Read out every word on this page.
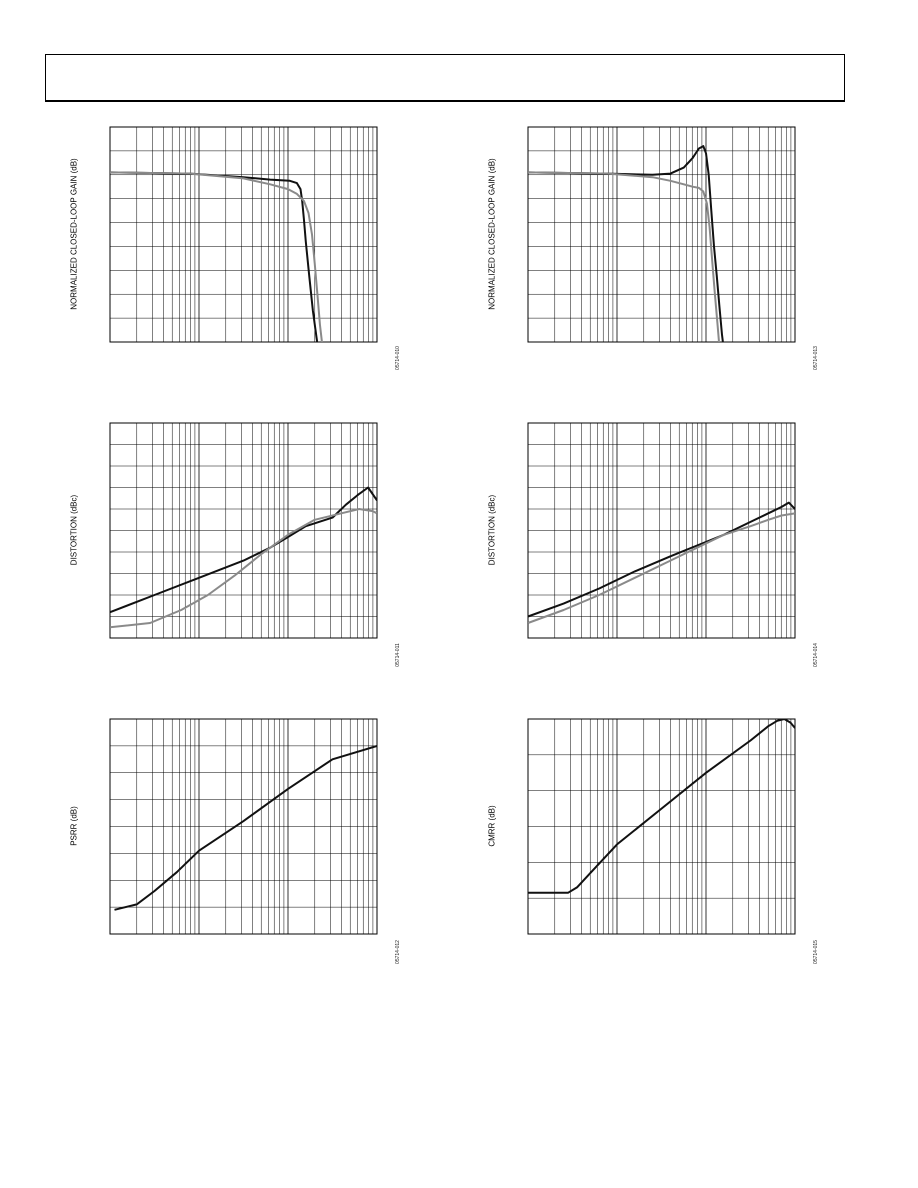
NORMALIZED CLOSED-LOOP GAIN (dB)
05714-010
NORMALIZED CLOSED-LOOP GAIN (dB)
05714-013
DISTORTION (dBc)
05714-011
DISTORTION (dBc)
05714-014
PSRR (dB)
05714-012
CMRR (dB)
05714-015
